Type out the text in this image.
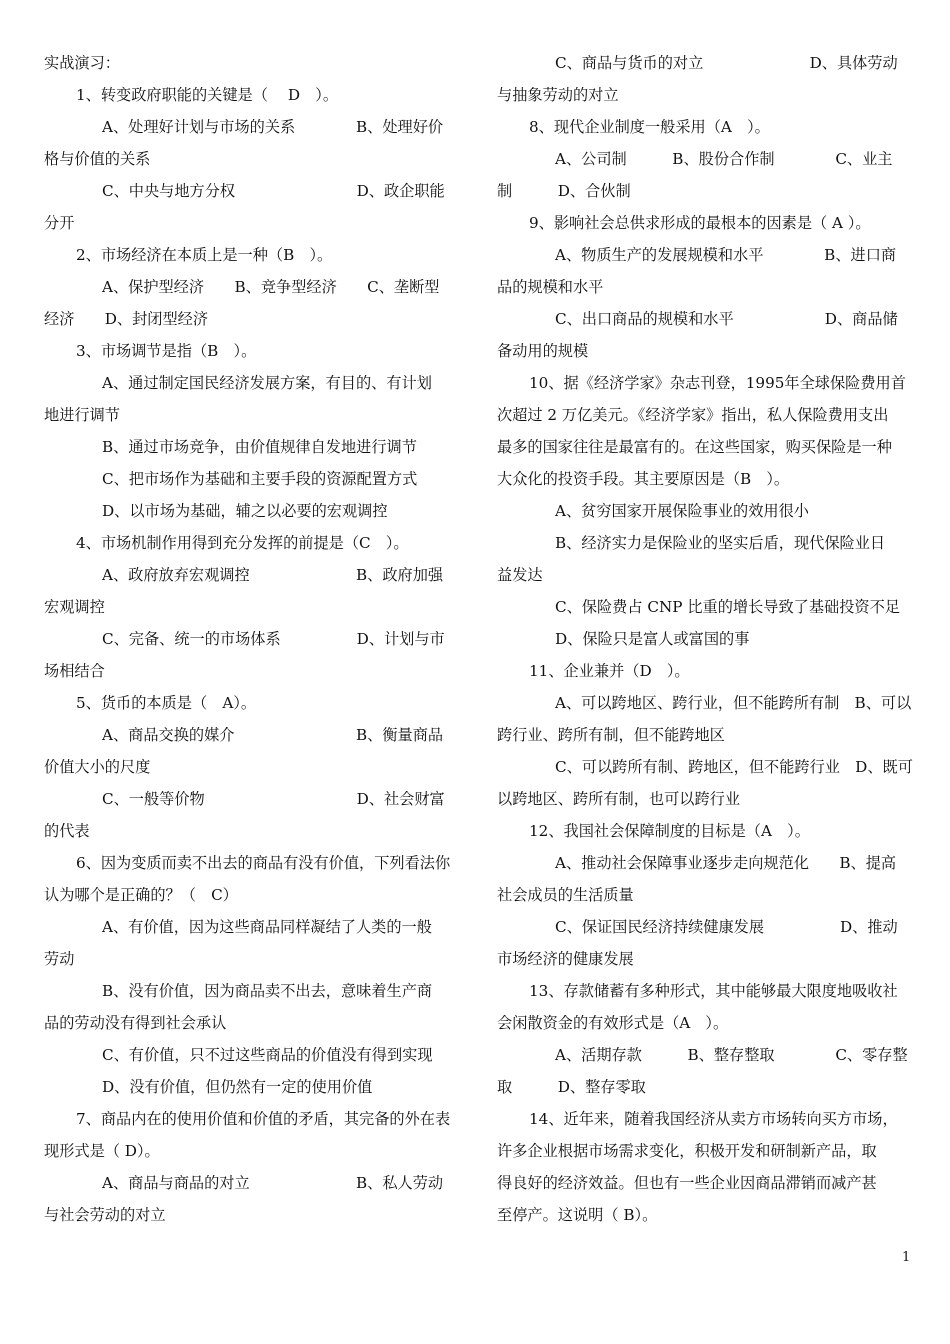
实战演习：
1、转变政府职能的关键是（　 D　）。
A、处理好计划与市场的关系　　　　B、处理好价
格与价值的关系
C、中央与地方分权　　　　　　　　D、政企职能
分开
2、市场经济在本质上是一种（B　）。
A、保护型经济　　B、竞争型经济　　C、垄断型
经济　　D、封闭型经济
3、市场调节是指（B　）。
A、通过制定国民经济发展方案，有目的、有计划
地进行调节
B、通过市场竞争，由价值规律自发地进行调节
C、把市场作为基础和主要手段的资源配置方式
D、以市场为基础，辅之以必要的宏观调控
4、市场机制作用得到充分发挥的前提是（C　）。
A、政府放弃宏观调控　　　　　　　B、政府加强
宏观调控
C、完备、统一的市场体系　　　　　D、计划与市
场相结合
5、货币的本质是（　A）。
A、商品交换的媒介　　　　　　　　B、衡量商品
价值大小的尺度
C、一般等价物　　　　　　　　　　D、社会财富
的代表
6、因为变质而卖不出去的商品有没有价值，下列看法你
认为哪个是正确的？（　C）
A、有价值，因为这些商品同样凝结了人类的一般
劳动
B、没有价值，因为商品卖不出去，意味着生产商
品的劳动没有得到社会承认
C、有价值，只不过这些商品的价值没有得到实现
D、没有价值，但仍然有一定的使用价值
7、商品内在的使用价值和价值的矛盾，其完备的外在表
现形式是（ D）。
A、商品与商品的对立　　　　　　　B、私人劳动
与社会劳动的对立
C、商品与货币的对立　　　　　　　D、具体劳动
与抽象劳动的对立
8、现代企业制度一般采用（A　）。
A、公司制　　　B、股份合作制　　　　C、业主
制　　　D、合伙制
9、影响社会总供求形成的最根本的因素是（ A ）。
A、物质生产的发展规模和水平　　　　B、进口商
品的规模和水平
C、出口商品的规模和水平　　　　　　D、商品储
备动用的规模
10、据《经济学家》杂志刊登，1995年全球保险费用首
次超过 2 万亿美元。《经济学家》指出，私人保险费用支出
最多的国家往往是最富有的。在这些国家，购买保险是一种
大众化的投资手段。其主要原因是（B　）。
A、贫穷国家开展保险事业的效用很小
B、经济实力是保险业的坚实后盾，现代保险业日
益发达
C、保险费占 CNP 比重的增长导致了基础投资不足
D、保险只是富人或富国的事
11、企业兼并（D　）。
A、可以跨地区、跨行业，但不能跨所有制　B、可以
跨行业、跨所有制，但不能跨地区
C、可以跨所有制、跨地区，但不能跨行业　D、既可
以跨地区、跨所有制，也可以跨行业
12、我国社会保障制度的目标是（A　）。
A、推动社会保障事业逐步走向规范化　　B、提高
社会成员的生活质量
C、保证国民经济持续健康发展　　　　　D、推动
市场经济的健康发展
13、存款储蓄有多种形式，其中能够最大限度地吸收社
会闲散资金的有效形式是（A　）。
A、活期存款　　　B、整存整取　　　　C、零存整
取　　　D、整存零取
14、近年来，随着我国经济从卖方市场转向买方市场，
许多企业根据市场需求变化，积极开发和研制新产品，取
得良好的经济效益。但也有一些企业因商品滞销而减产甚
至停产。这说明（ B）。
1
